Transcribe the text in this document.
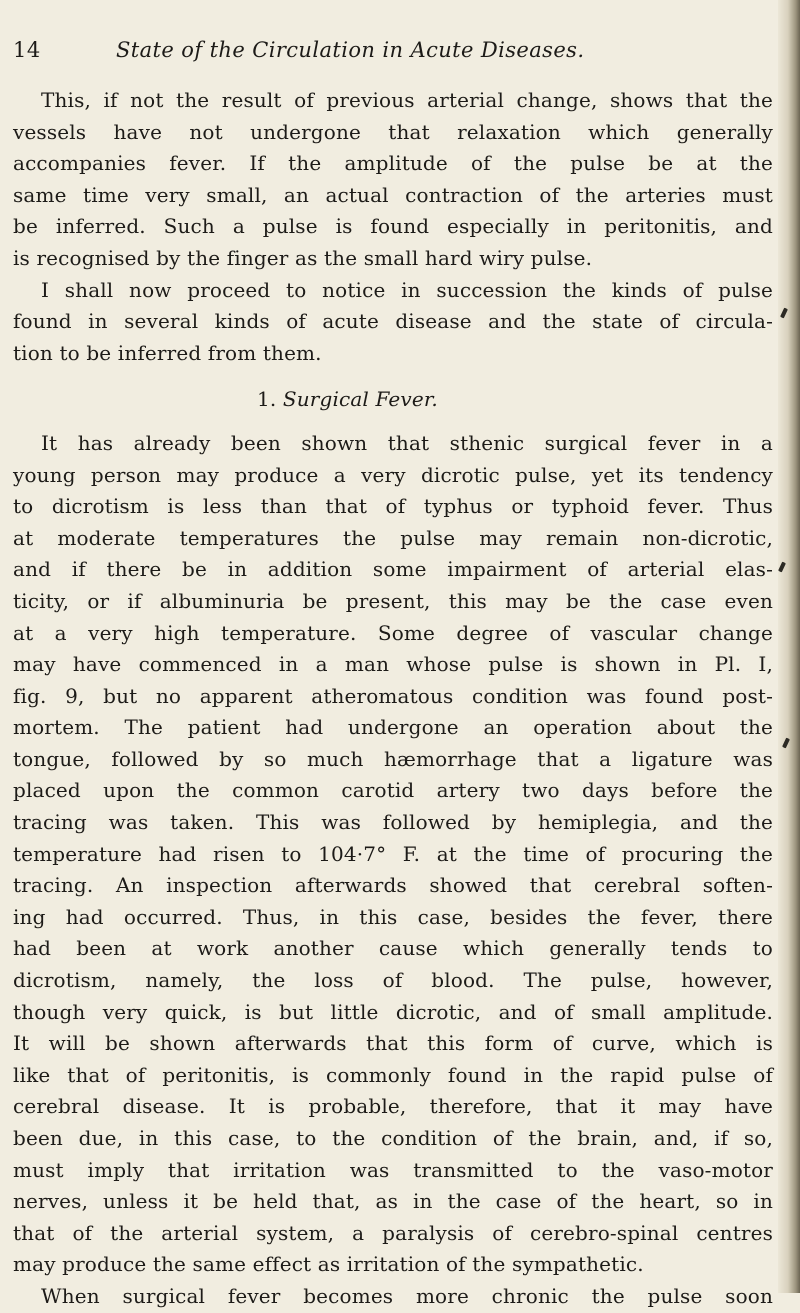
14	State of the Circulation in Acute Diseases.
This, if not the result of previous arterial change, shows that the
vessels have not undergone that relaxation which generally
accompanies fever. If the amplitude of the pulse be at the
same time very small, an actual contraction of the arteries must
be inferred. Such a pulse is found especially in peritonitis, and
is recognised by the finger as the small hard wiry pulse.
I shall now proceed to notice in succession the kinds of pulse
found in several kinds of acute disease and the state of circula-
tion to be inferred from them.
1. Surgical Fever.
It has already been shown that sthenic surgical fever in a
young person may produce a very dicrotic pulse, yet its tendency
to dicrotism is less than that of typhus or typhoid fever. Thus
at moderate temperatures the pulse may remain non-dicrotic,
and if there be in addition some impairment of arterial elas-
ticity, or if albuminuria be present, this may be the case even
at a very high temperature. Some degree of vascular change
may have commenced in a man whose pulse is shown in Pl. I,
fig. 9, but no apparent atheromatous condition was found post-
mortem. The patient had undergone an operation about the
tongue, followed by so much hæmorrhage that a ligature was
placed upon the common carotid artery two days before the
tracing was taken. This was followed by hemiplegia, and the
temperature had risen to 104·7° F. at the time of procuring the
tracing. An inspection afterwards showed that cerebral soften-
ing had occurred. Thus, in this case, besides the fever, there
had been at work another cause which generally tends to
dicrotism, namely, the loss of blood. The pulse, however,
though very quick, is but little dicrotic, and of small amplitude.
It will be shown afterwards that this form of curve, which is
like that of peritonitis, is commonly found in the rapid pulse of
cerebral disease. It is probable, therefore, that it may have
been due, in this case, to the condition of the brain, and, if so,
must imply that irritation was transmitted to the vaso-motor
nerves, unless it be held that, as in the case of the heart, so in
that of the arterial system, a paralysis of cerebro-spinal centres
may produce the same effect as irritation of the sympathetic.
When surgical fever becomes more chronic the pulse soon
